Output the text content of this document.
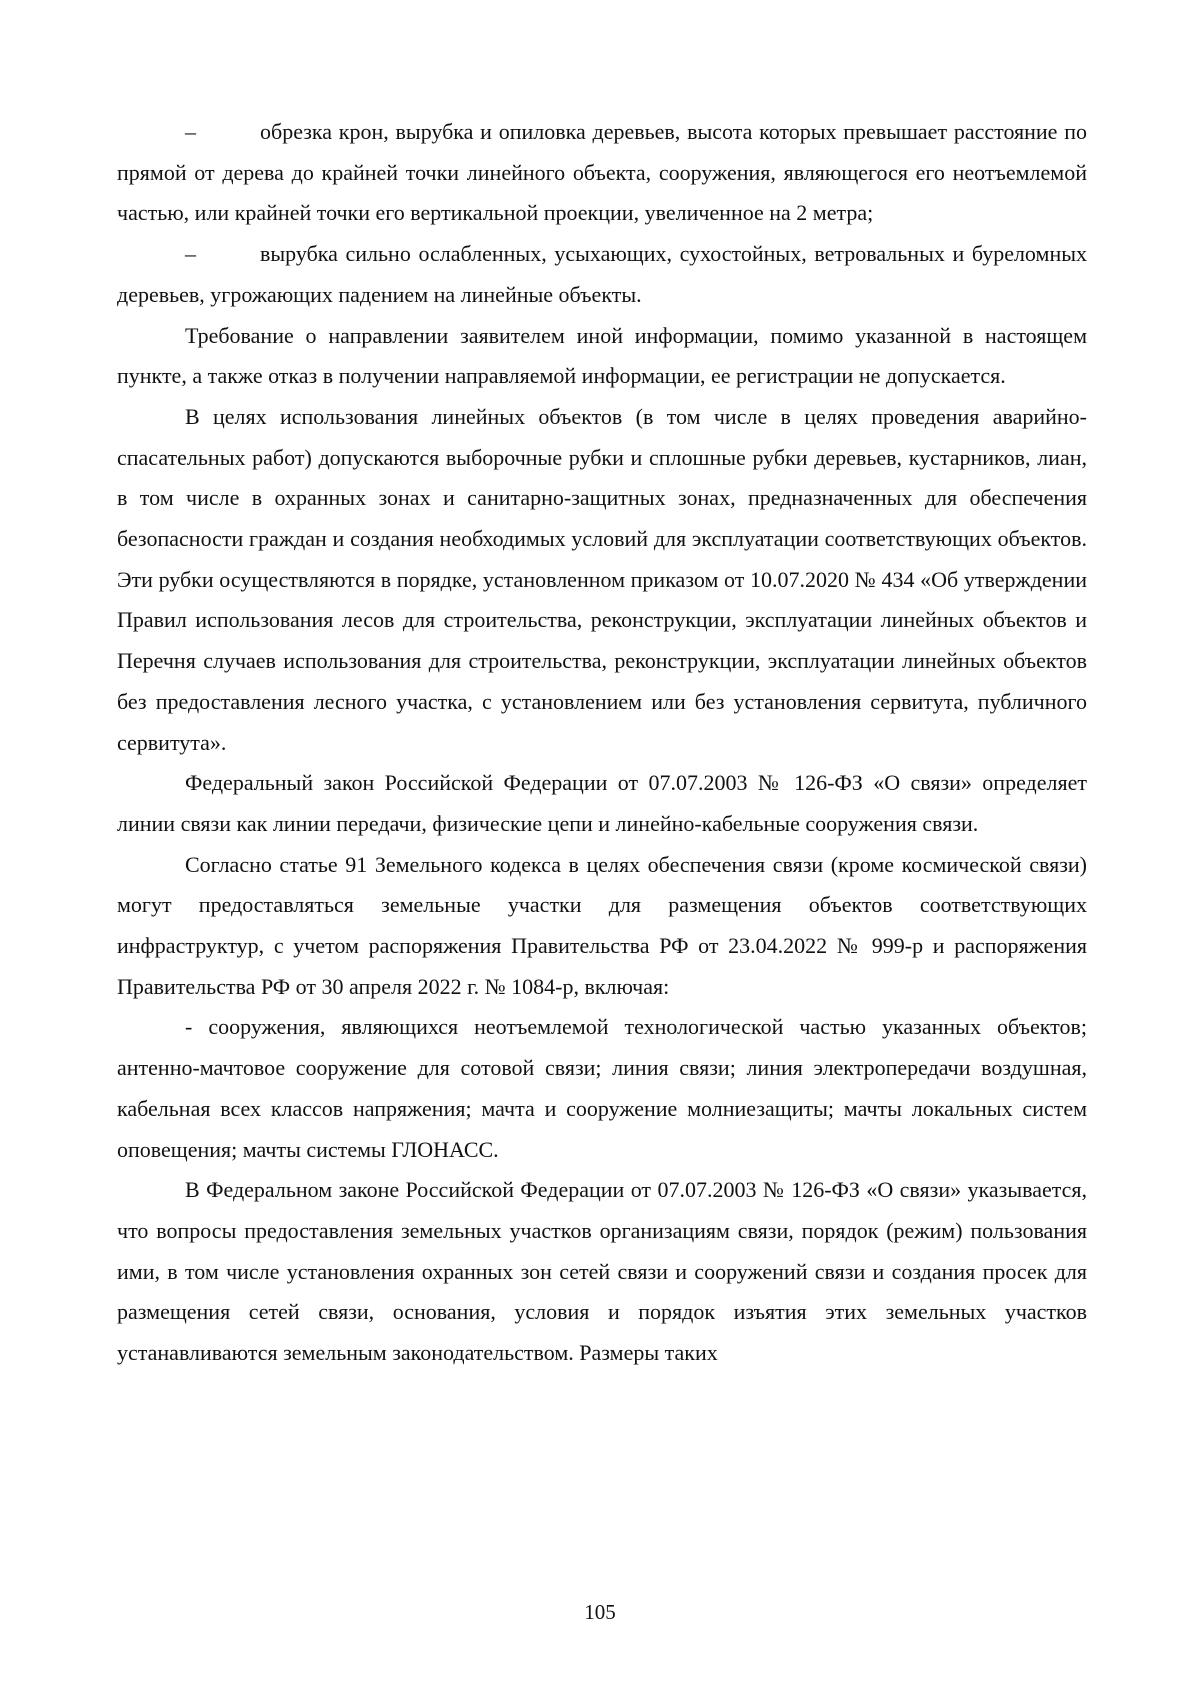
–	обрезка крон, вырубка и опиловка деревьев, высота которых превышает расстояние по прямой от дерева до крайней точки линейного объекта, сооружения, являющегося его неотъемлемой частью, или крайней точки его вертикальной проекции, увеличенное на 2 метра;

–	вырубка сильно ослабленных, усыхающих, сухостойных, ветровальных и буреломных деревьев, угрожающих падением на линейные объекты.

Требование о направлении заявителем иной информации, помимо указанной в настоящем пункте, а также отказ в получении направляемой информации, ее регистрации не допускается.

В целях использования линейных объектов (в том числе в целях проведения аварийно-спасательных работ) допускаются выборочные рубки и сплошные рубки деревьев, кустарников, лиан, в том числе в охранных зонах и санитарно-защитных зонах, предназначенных для обеспечения безопасности граждан и создания необходимых условий для эксплуатации соответствующих объектов. Эти рубки осуществляются в порядке, установленном приказом от 10.07.2020 № 434 «Об утверждении Правил использования лесов для строительства, реконструкции, эксплуатации линейных объектов и Перечня случаев использования для строительства, реконструкции, эксплуатации линейных объектов без предоставления лесного участка, с установлением или без установления сервитута, публичного сервитута».

Федеральный закон Российской Федерации от 07.07.2003 № 126-ФЗ «О связи» определяет линии связи как линии передачи, физические цепи и линейно-кабельные сооружения связи.

Согласно статье 91 Земельного кодекса в целях обеспечения связи (кроме космической связи) могут предоставляться земельные участки для размещения объектов соответствующих инфраструктур, с учетом распоряжения Правительства РФ от 23.04.2022 № 999-р и распоряжения Правительства РФ от 30 апреля 2022 г. № 1084-р, включая:

- сооружения, являющихся неотъемлемой технологической частью указанных объектов; антенно-мачтовое сооружение для сотовой связи; линия связи; линия электропередачи воздушная, кабельная всех классов напряжения; мачта и сооружение молниезащиты; мачты локальных систем оповещения; мачты системы ГЛОНАСС.

В Федеральном законе Российской Федерации от 07.07.2003 № 126-ФЗ «О связи» указывается, что вопросы предоставления земельных участков организациям связи, порядок (режим) пользования ими, в том числе установления охранных зон сетей связи и сооружений связи и создания просек для размещения сетей связи, основания, условия и порядок изъятия этих земельных участков устанавливаются земельным законодательством. Размеры таких

105
